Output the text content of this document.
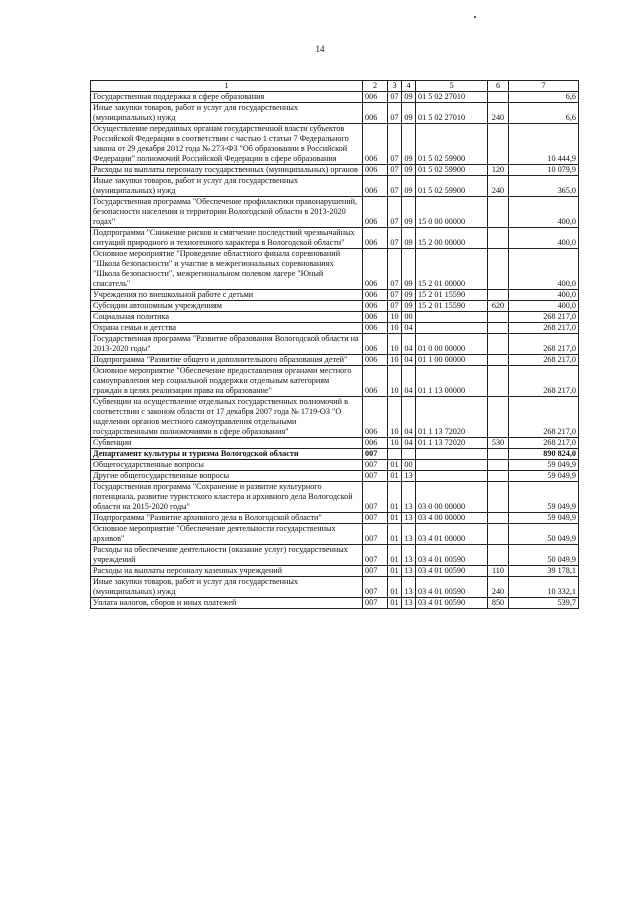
14
1	2	3	4	5	6	7
Государственная поддержка в сфере образования	006	07	09	01 5 02 27010		6,6
Иные закупки товаров, работ и услуг для государственных (муниципальных) нужд	006	07	09	01 5 02 27010	240	6,6
Осуществление переданных органам государственной власти субъектов Российской Федерации в соответствии с частью 1 статьи 7 Федерального закона от 29 декабря 2012 года № 273-ФЗ "Об образовании в Российской Федерации" полномочий Российской Федерации в сфере образования	006	07	09	01 5 02 59900		10 444,9
Расходы на выплаты персоналу государственных (муниципальных) органов	006	07	09	01 5 02 59900	120	10 079,9
Иные закупки товаров, работ и услуг для государственных (муниципальных) нужд	006	07	09	01 5 02 59900	240	365,0
Государственная программа "Обеспечение профилактики правонарушений, безопасности населения и территории Вологодской области в 2013-2020 годах"	006	07	09	15 0 00 00000		400,0
Подпрограмма "Снижение рисков и смягчение последствий чрезвычайных ситуаций природного и техногенного характера в Вологодской области"	006	07	09	15 2 00 00000		400,0
Основное мероприятие "Проведение областного финала соревнований "Школа безопасности" и участие в межрегиональных соревнованиях "Школа безопасности", межрегиональном полевом лагере "Юный спасатель"	006	07	09	15 2 01 00000		400,0
Учреждения по внешкольной работе с детьми	006	07	09	15 2 01 15590		400,0
Субсидии автономным учреждениям	006	07	09	15 2 01 15590	620	400,0
Социальная политика	006	10	00			268 217,0
Охрана семьи и детства	006	10	04			268 217,0
Государственная программа "Развитие образования Вологодской области на 2013-2020 годы"	006	10	04	01 0 00 00000		268 217,0
Подпрограмма "Развитие общего и дополнительного образования детей"	006	10	04	01 1 00 00000		268 217,0
Основное мероприятие "Обеспечение предоставления органами местного самоуправления мер социальной поддержки отдельным категориям граждан в целях реализации права на образование"	006	10	04	01 1 13 00000		268 217,0
Субвенции на осуществление отдельных государственных полномочий в соответствии с законом области от 17 декабря 2007 года № 1719-ОЗ "О наделении органов местного самоуправления отдельными государственными полномочиями в сфере образования"	006	10	04	01 1 13 72020		268 217,0
Субвенции	006	10	04	01 1 13 72020	530	268 217,0
Департамент культуры и туризма Вологодской области	007					890 824,0
Общегосударственные вопросы	007	01	00			59 049,9
Другие общегосударственные вопросы	007	01	13			59 049,9
Государственная программа "Сохранение и развитие культурного потенциала, развитие туристского кластера и архивного дела Вологодской области на 2015-2020 годы"	007	01	13	03 0 00 00000		59 049,9
Подпрограмма "Развитие архивного дела в Вологодской области"	007	01	13	03 4 00 00000		59 049,9
Основное мероприятие "Обеспечение деятельности государственных архивов"	007	01	13	03 4 01 00000		50 049,9
Расходы на обеспечение деятельности (оказание услуг) государственных учреждений	007	01	13	03 4 01 00590		50 049,9
Расходы на выплаты персоналу казенных учреждений	007	01	13	03 4 01 00590	110	39 178,1
Иные закупки товаров, работ и услуг для государственных (муниципальных) нужд	007	01	13	03 4 01 00590	240	10 332,1
Уплата налогов, сборов и иных платежей	007	01	13	03 4 01 00590	850	539,7
